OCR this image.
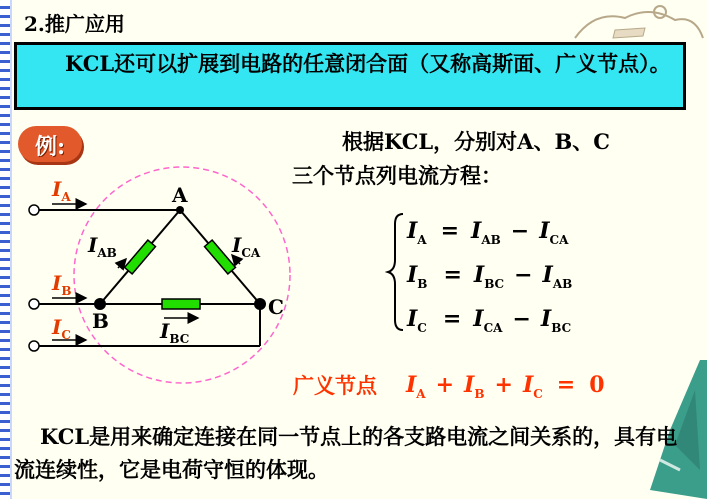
2.推广应用
KCL还可以扩展到电路的任意闭合面（又称高斯面、广义节点）。
例:	根据KCL，分别对A、B、C
三个节点列电流方程：
A
B
C
$I_A$
$I_B$
$I_C$
$I_{AB}$	$I_{CA}$
$I_{BC}$
$I_A = I_{AB} - I_{CA}$
$I_B = I_{BC} - I_{AB}$
$I_C = I_{CA} - I_{BC}$
广义节点 $I_A + I_B + I_C = 0$
KCL是用来确定连接在同一节点上的各支路电流之间关系的，具有电流连续性，它是电荷守恒的体现。
